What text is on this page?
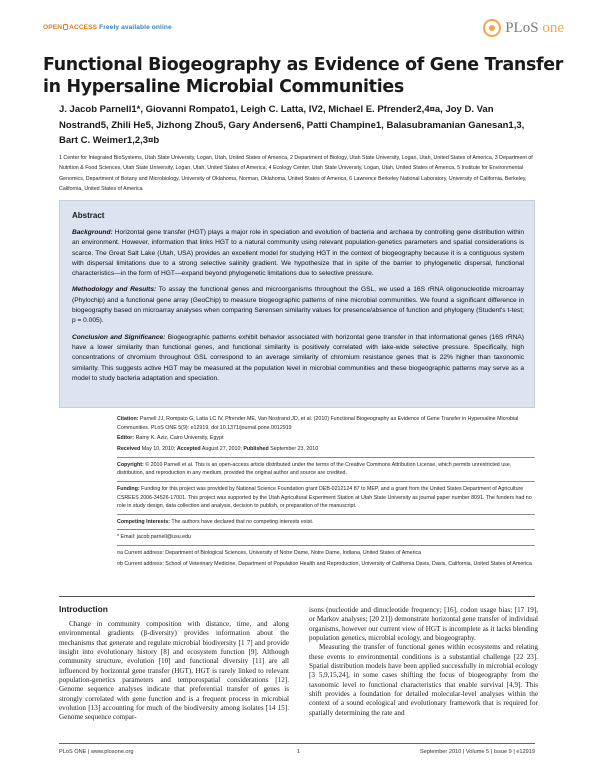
OPEN ACCESS Freely available online	PLoS one
Functional Biogeography as Evidence of Gene Transfer in Hypersaline Microbial Communities
J. Jacob Parnell1*, Giovanni Rompato1, Leigh C. Latta, IV2, Michael E. Pfrender2,4¤a, Joy D. Van Nostrand5, Zhili He5, Jizhong Zhou5, Gary Andersen6, Patti Champine1, Balasubramanian Ganesan1,3, Bart C. Weimer1,2,3¤b
1 Center for Integrated BioSystems, Utah State University, Logan, Utah, United States of America, 2 Department of Biology, Utah State University, Logan, Utah, United States of America, 3 Department of Nutrition & Food Sciences, Utah State University, Logan, Utah, United States of America, 4 Ecology Center, Utah State University, Logan, Utah, United States of America, 5 Institute for Environmental Genomics, Department of Botany and Microbiology, University of Oklahoma, Norman, Oklahoma, United States of America, 6 Lawrence Berkeley National Laboratory, University of California, Berkeley, California, United States of America
Abstract

Background: Horizontal gene transfer (HGT) plays a major role in speciation and evolution of bacteria and archaea by controlling gene distribution within an environment. However, information that links HGT to a natural community using relevant population-genetics parameters and spatial considerations is scarce. The Great Salt Lake (Utah, USA) provides an excellent model for studying HGT in the context of biogeography because it is a contiguous system with dispersal limitations due to a strong selective salinity gradient. We hypothesize that in spite of the barrier to phylogenetic dispersal, functional characteristics—in the form of HGT—expand beyond phylogenetic limitations due to selective pressure.

Methodology and Results: To assay the functional genes and microorganisms throughout the GSL, we used a 16S rRNA oligonucleotide microarray (Phylochip) and a functional gene array (GeoChip) to measure biogeographic patterns of nine microbial communities. We found a significant difference in biogeography based on microarray analyses when comparing Sørensen similarity values for presence/absence of function and phylogeny (Student's t-test; p = 0.005).

Conclusion and Significance: Biogeographic patterns exhibit behavior associated with horizontal gene transfer in that informational genes (16S rRNA) have a lower similarity than functional genes, and functional similarity is positively correlated with lake-wide selective pressure. Specifically, high concentrations of chromium throughout GSL correspond to an average similarity of chromium resistance genes that is 22% higher than taxonomic similarity. This suggests active HGT may be measured at the population level in microbial communities and these biogeographic patterns may serve as a model to study bacteria adaptation and speciation.

Citation: Parnell JJ, Rompato G, Latta LC IV, Pfrender ME, Van Nostrand JD, et al. (2010) Functional Biogeography as Evidence of Gene Transfer in Hypersaline Microbial Communities. PLoS ONE 5(9): e12919. doi:10.1371/journal.pone.0012919

Editor: Ramy K. Aziz, Cairo University, Egypt

Received May 10, 2010; Accepted August 27, 2010; Published September 23, 2010

Copyright: © 2010 Parnell et al. This is an open-access article distributed under the terms of the Creative Commons Attribution License, which permits unrestricted use, distribution, and reproduction in any medium, provided the original author and source are credited.

Funding: Funding for this project was provided by National Science Foundation grant DEB-0212124 87 to MEP, and a grant from the United States Department of Agriculture CSREES 2006-34526-17001. This project was supported by the Utah Agricultural Experiment Station at Utah State University as journal paper number 8091. The funders had no role in study design, data collection and analysis, decision to publish, or preparation of the manuscript.

Competing Interests: The authors have declared that no competing interests exist.

* Email: jacob.parnell@usu.edu

¤a Current address: Department of Biological Sciences, University of Notre Dame, Notre Dame, Indiana, United States of America

¤b Current address: School of Veterinary Medicine, Department of Population Health and Reproduction, University of California Davis, Davis, California, United States of America

Introduction
Change in community composition with distance, time, and along environmental gradients (β-diversity) provides information about the mechanisms that generate and regulate microbial biodiversity [1 7] and provide insight into evolutionary history [8] and ecosystem function [9]. Although community structure, evolution [10] and functional diversity [11] are all influenced by horizontal gene transfer (HGT), HGT is rarely linked to relevant population-genetics parameters and temporospatial considerations [12]. Genome sequence analyses indicate that preferential transfer of genes is strongly correlated with gene function and is a frequent process in microbial evolution [13] accounting for much of the biodiversity among isolates [14 15]. Genome sequence compar-

isons (nucleotide and dinucleotide frequency; [16], codon usage bias; [17 19], or Markov analyses; [20 21]) demonstrate horizontal gene transfer of individual organisms, however our current view of HGT is incomplete as it lacks blending population genetics, microbial ecology, and biogeography.

Measuring the transfer of functional genes within ecosystems and relating these events to environmental conditions is a substantial challenge [22 23]. Spatial distribution models have been applied successfully in microbial ecology [3 5,9,15,24], in some cases shifting the focus of biogeography from the taxonomic level to functional characteristics that enable survival [4,9]. This shift provides a foundation for detailed molecular-level analyses within the context of a sound ecological and evolutionary framework that is required for spatially determining the rate and

PLoS ONE | www.plosone.org	1	September 2010 | Volume 5 | Issue 9 | e12919
